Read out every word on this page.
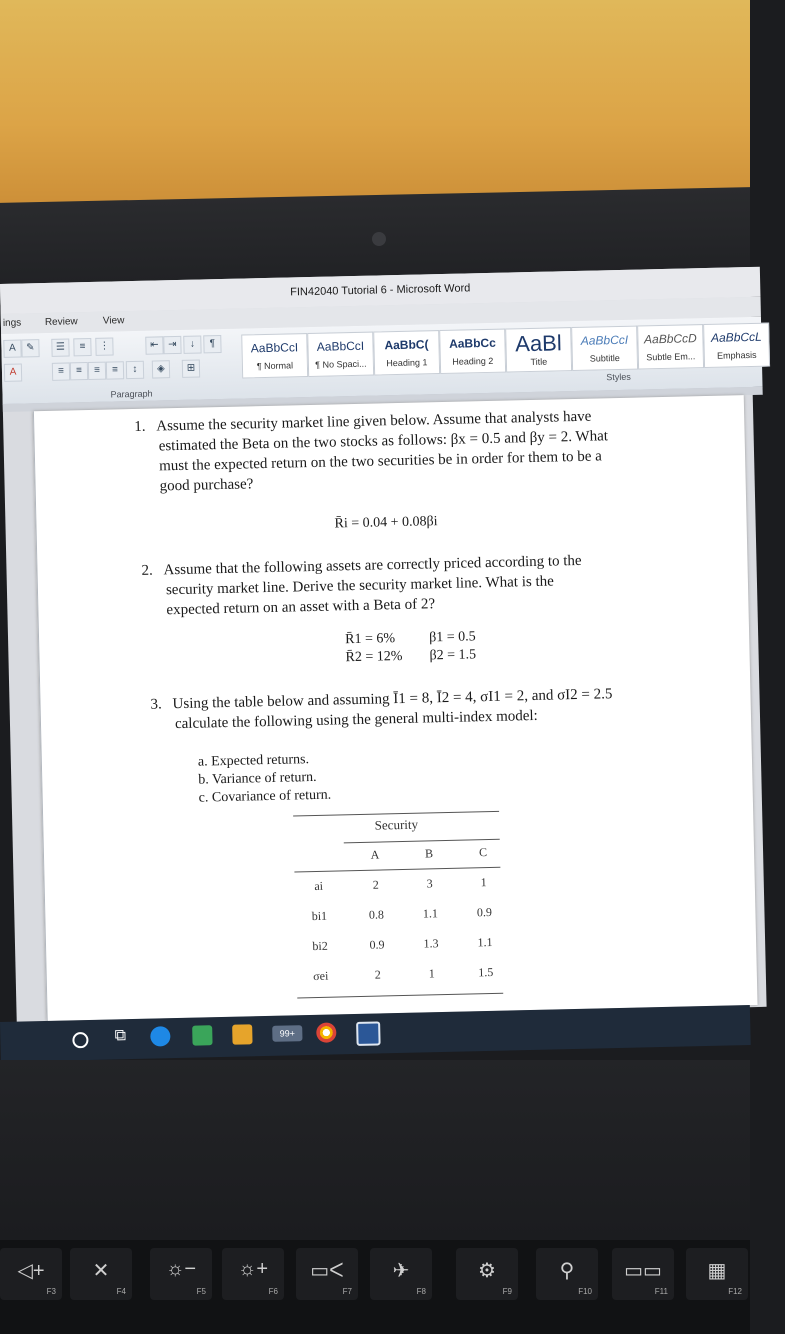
FIN42040 Tutorial 6 - Microsoft Word
ings Review View
A	✎	☰	≡	⋮	⇤ ⇥	↓	¶
A	≡	≡	≡	≡	↕	◈	⊞
AaBbCcI
¶ Normal
AaBbCcI
¶ No Spaci...
AaBbC(
Heading 1
AaBbCc
Heading 2
AaBl
Title
AaBbCcI
Subtitle
AaBbCcD
Subtle Em...
AaBbCcL
Emphasis
Paragraph
Styles
1. Assume the security market line given below. Assume that analysts have
estimated the Beta on the two stocks as follows: βx = 0.5 and βy = 2. What
must the expected return on the two securities be in order for them to be a
good purchase?
R̄i = 0.04 + 0.08βi
2. Assume that the following assets are correctly priced according to the
security market line. Derive the security market line. What is the
expected return on an asset with a Beta of 2?
R̄1 = 6% β1 = 0.5
R̄2 = 12% β2 = 1.5
3. Using the table below and assuming Ī1 = 8, Ī2 = 4, σI1 = 2, and σI2 = 2.5
calculate the following using the general multi-index model:
a. Expected returns.
b. Variance of return.
c. Covariance of return.
Security
A	B	C
ai	2	3	1
bi1	0.8	1.1	0.9
bi2	0.9	1.3	1.1
σei	2	1	1.5
⧉	99+
◁+
F3
✕
F4
☼−
F5
☼+
F6
▭ᐸ
F7
✈
F8
⚙
F9
⚲
F10
▭▭
F11
▦
F12
